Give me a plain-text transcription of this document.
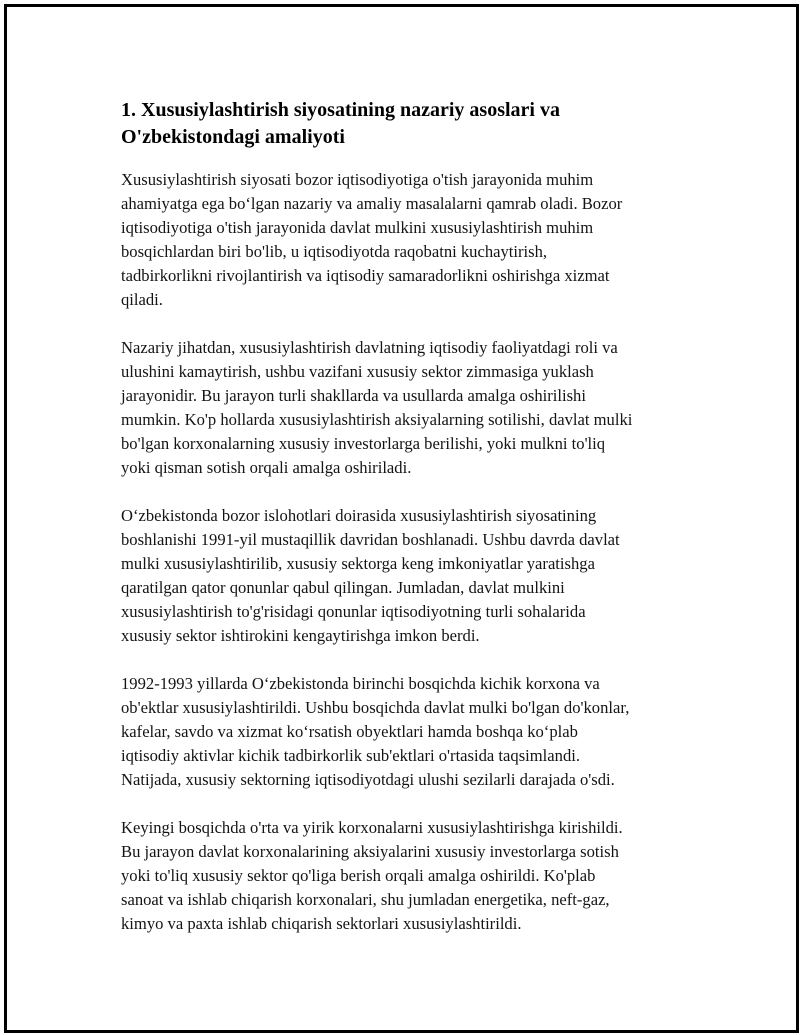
1. Xususiylashtirish siyosatining nazariy asoslari va
O'zbekistondagi amaliyoti

Xususiylashtirish siyosati bozor iqtisodiyotiga o'tish jarayonida muhim
ahamiyatga ega bo‘lgan nazariy va amaliy masalalarni qamrab oladi. Bozor
iqtisodiyotiga o'tish jarayonida davlat mulkini xususiylashtirish muhim
bosqichlardan biri bo'lib, u iqtisodiyotda raqobatni kuchaytirish,
tadbirkorlikni rivojlantirish va iqtisodiy samaradorlikni oshirishga xizmat
qiladi.

Nazariy jihatdan, xususiylashtirish davlatning iqtisodiy faoliyatdagi roli va
ulushini kamaytirish, ushbu vazifani xususiy sektor zimmasiga yuklash
jarayonidir. Bu jarayon turli shakllarda va usullarda amalga oshirilishi
mumkin. Ko'p hollarda xususiylashtirish aksiyalarning sotilishi, davlat mulki
bo'lgan korxonalarning xususiy investorlarga berilishi, yoki mulkni to'liq
yoki qisman sotish orqali amalga oshiriladi.

O‘zbekistonda bozor islohotlari doirasida xususiylashtirish siyosatining
boshlanishi 1991-yil mustaqillik davridan boshlanadi. Ushbu davrda davlat
mulki xususiylashtirilib, xususiy sektorga keng imkoniyatlar yaratishga
qaratilgan qator qonunlar qabul qilingan. Jumladan, davlat mulkini
xususiylashtirish to'g'risidagi qonunlar iqtisodiyotning turli sohalarida
xususiy sektor ishtirokini kengaytirishga imkon berdi.

1992-1993 yillarda O‘zbekistonda birinchi bosqichda kichik korxona va
ob'ektlar xususiylashtirildi. Ushbu bosqichda davlat mulki bo'lgan do'konlar,
kafelar, savdo va xizmat ko‘rsatish obyektlari hamda boshqa ko‘plab
iqtisodiy aktivlar kichik tadbirkorlik sub'ektlari o'rtasida taqsimlandi.
Natijada, xususiy sektorning iqtisodiyotdagi ulushi sezilarli darajada o'sdi.

Keyingi bosqichda o'rta va yirik korxonalarni xususiylashtirishga kirishildi.
Bu jarayon davlat korxonalarining aksiyalarini xususiy investorlarga sotish
yoki to'liq xususiy sektor qo'liga berish orqali amalga oshirildi. Ko'plab
sanoat va ishlab chiqarish korxonalari, shu jumladan energetika, neft-gaz,
kimyo va paxta ishlab chiqarish sektorlari xususiylashtirildi.
